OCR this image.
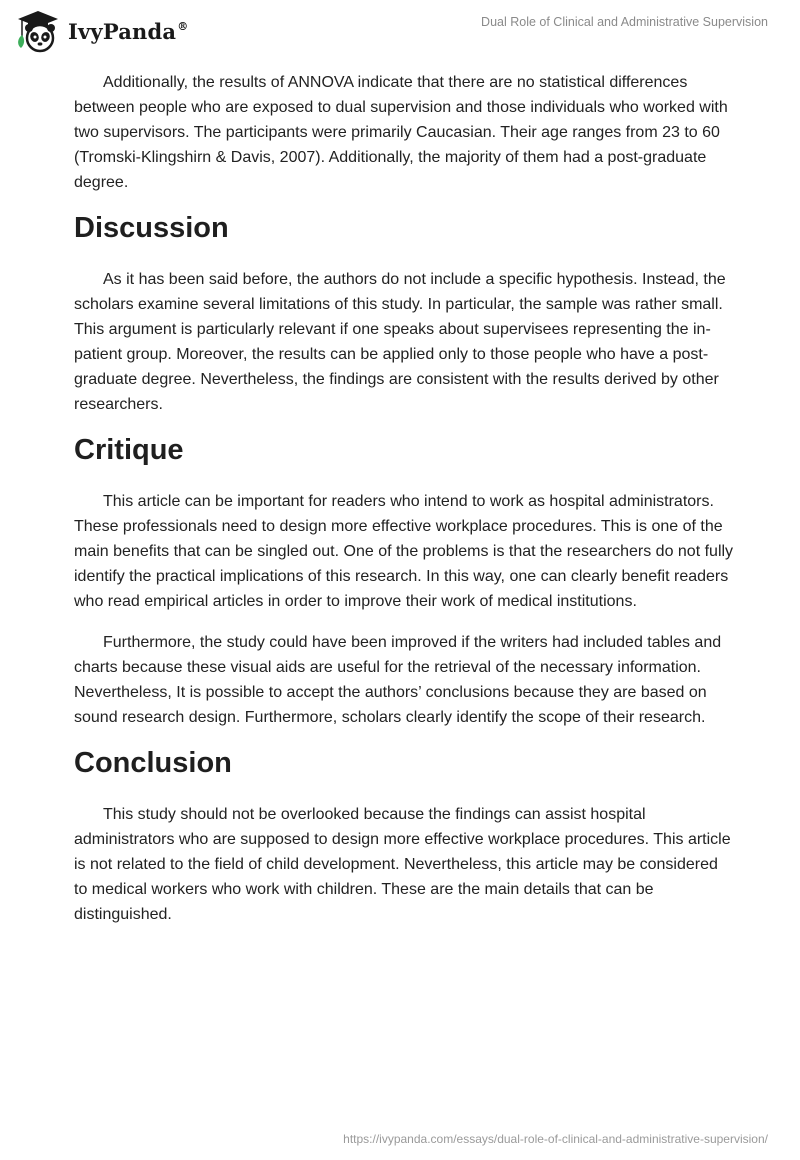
IvyPanda®	Dual Role of Clinical and Administrative Supervision

Additionally, the results of ANNOVA indicate that there are no statistical differences between people who are exposed to dual supervision and those individuals who worked with two supervisors. The participants were primarily Caucasian. Their age ranges from 23 to 60 (Tromski-Klingshirn & Davis, 2007). Additionally, the majority of them had a post-graduate degree.

Discussion

As it has been said before, the authors do not include a specific hypothesis. Instead, the scholars examine several limitations of this study. In particular, the sample was rather small. This argument is particularly relevant if one speaks about supervisees representing the in-patient group. Moreover, the results can be applied only to those people who have a post-graduate degree. Nevertheless, the findings are consistent with the results derived by other researchers.

Critique

This article can be important for readers who intend to work as hospital administrators. These professionals need to design more effective workplace procedures. This is one of the main benefits that can be singled out. One of the problems is that the researchers do not fully identify the practical implications of this research. In this way, one can clearly benefit readers who read empirical articles in order to improve their work of medical institutions.

Furthermore, the study could have been improved if the writers had included tables and charts because these visual aids are useful for the retrieval of the necessary information. Nevertheless, It is possible to accept the authors’ conclusions because they are based on sound research design. Furthermore, scholars clearly identify the scope of their research.

Conclusion

This study should not be overlooked because the findings can assist hospital administrators who are supposed to design more effective workplace procedures. This article is not related to the field of child development. Nevertheless, this article may be considered to medical workers who work with children. These are the main details that can be distinguished.

https://ivypanda.com/essays/dual-role-of-clinical-and-administrative-supervision/
